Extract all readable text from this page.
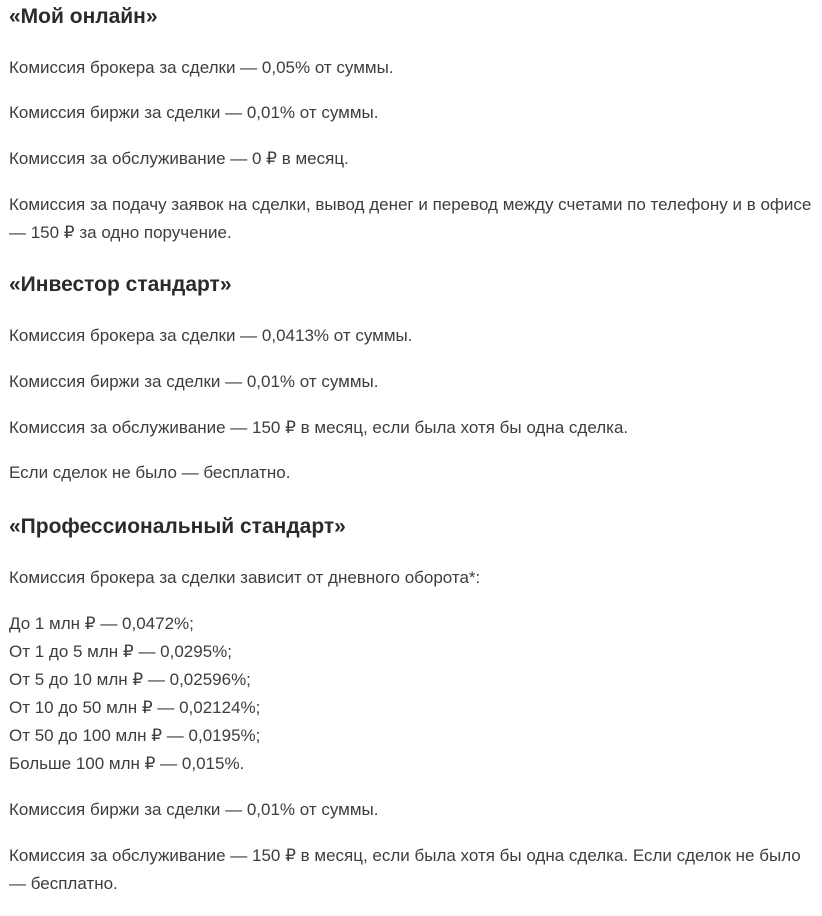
«Мой онлайн»

Комиссия брокера за сделки — 0,05% от суммы.

Комиссия биржи за сделки — 0,01% от суммы.

Комиссия за обслуживание — 0 ₽ в месяц.

Комиссия за подачу заявок на сделки, вывод денег и перевод между счетами по телефону и в офисе — 150 ₽ за одно поручение.

«Инвестор стандарт»

Комиссия брокера за сделки — 0,0413% от суммы.

Комиссия биржи за сделки — 0,01% от суммы.

Комиссия за обслуживание — 150 ₽ в месяц, если была хотя бы одна сделка.

Если сделок не было — бесплатно.

«Профессиональный стандарт»

Комиссия брокера за сделки зависит от дневного оборота*:

До 1 млн ₽ — 0,0472%;

От 1 до 5 млн ₽ — 0,0295%;

От 5 до 10 млн ₽ — 0,02596%;

От 10 до 50 млн ₽ — 0,02124%;

От 50 до 100 млн ₽ — 0,0195%;

Больше 100 млн ₽ — 0,015%.

Комиссия биржи за сделки — 0,01% от суммы.

Комиссия за обслуживание — 150 ₽ в месяц, если была хотя бы одна сделка. Если сделок не было — бесплатно.
